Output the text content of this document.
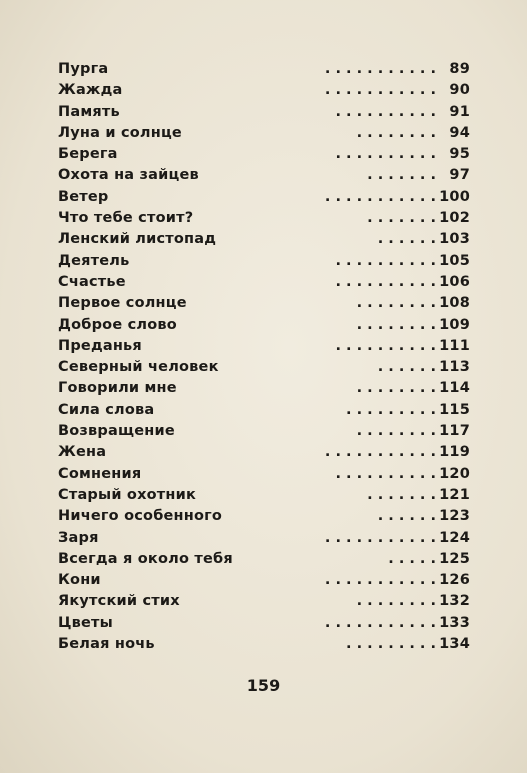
Пурга	89
. . . . . . . . . . .
Жажда	90
. . . . . . . . . . .
Память	91
. . . . . . . . . .
Луна и солнце	94
. . . . . . . .
Берега	95
. . . . . . . . . .
Охота на зайцев	97
. . . . . . .
Ветер	100
. . . . . . . . . . .
Что тебе стоит?	102
. . . . . . .
Ленский листопад	103
. . . . . .
Деятель	105
. . . . . . . . . .
Счастье	106
. . . . . . . . . .
Первое солнце	108
. . . . . . . .
Доброе слово	109
. . . . . . . .
Преданья	111
. . . . . . . . . .
Северный человек	113
. . . . . .
Говорили мне	114
. . . . . . . .
Сила слова	115
. . . . . . . . .
Возвращение	117
. . . . . . . .
Жена	119
. . . . . . . . . . .
Сомнения	120
. . . . . . . . . .
Старый охотник	121
. . . . . . .
Ничего особенного	123
. . . . . .
Заря	124
. . . . . . . . . . .
Всегда я около тебя	125
. . . . .
Кони	126
. . . . . . . . . . .
Якутский стих	132
. . . . . . . .
Цветы	133
. . . . . . . . . . .
Белая ночь	134
. . . . . . . . .
159
